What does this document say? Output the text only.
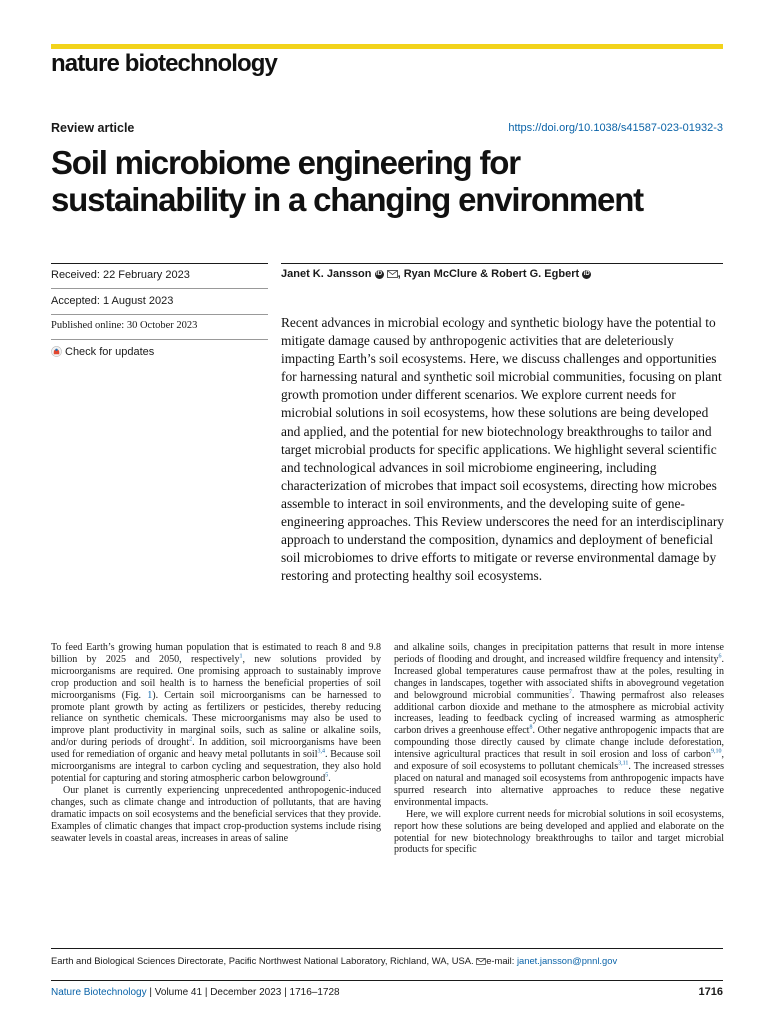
nature biotechnology
Review article	https://doi.org/10.1038/s41587-023-01932-3
Soil microbiome engineering for
sustainability in a changing environment
Received: 22 February 2023
Accepted: 1 August 2023
Published online: 30 October 2023
Check for updates
Janet K. Jansson iD , Ryan McClure & Robert G. Egbert iD
Recent advances in microbial ecology and synthetic biology have the potential to mitigate damage caused by anthropogenic activities that are deleteriously impacting Earth’s soil ecosystems. Here, we discuss challenges and opportunities for harnessing natural and synthetic soil microbial communities, focusing on plant growth promotion under different scenarios. We explore current needs for microbial solutions in soil ecosystems, how these solutions are being developed and applied, and the potential for new biotechnology breakthroughs to tailor and target microbial products for specific applications. We highlight several scientific and technological advances in soil microbiome engineering, including characterization of microbes that impact soil ecosystems, directing how microbes assemble to interact in soil environments, and the developing suite of gene-engineering approaches. This Review underscores the need for an interdisciplinary approach to understand the composition, dynamics and deployment of beneficial soil microbiomes to drive efforts to mitigate or reverse environmental damage by restoring and protecting healthy soil ecosystems.

To feed Earth’s growing human population that is estimated to reach 8 and 9.8 billion by 2025 and 2050, respectively$^1$, new solutions provided by microorganisms are required. One promising approach to sustainably improve crop production and soil health is to harness the beneficial properties of soil microorganisms (Fig. 1). Certain soil microorganisms can be harnessed to promote plant growth by acting as fertilizers or pesticides, thereby reducing reliance on synthetic chemicals. These microorganisms may also be used to improve plant productivity in marginal soils, such as saline or alkaline soils, and/or during periods of drought$^2$. In addition, soil microorganisms have been used for remediation of organic and heavy metal pollutants in soil$^{3,4}$. Because soil microorganisms are integral to carbon cycling and sequestration, they also hold potential for capturing and storing atmospheric carbon belowground$^5$.

Our planet is currently experiencing unprecedented anthropogenic-induced changes, such as climate change and introduction of pollutants, that are having dramatic impacts on soil ecosystems and the beneficial services that they provide. Examples of climatic changes that impact crop-production systems include rising seawater levels in coastal areas, increases in areas of saline

and alkaline soils, changes in precipitation patterns that result in more intense periods of flooding and drought, and increased wildfire frequency and intensity$^6$. Increased global temperatures cause permafrost thaw at the poles, resulting in changes in landscapes, together with associated shifts in aboveground vegetation and belowground microbial communities$^7$. Thawing permafrost also releases additional carbon dioxide and methane to the atmosphere as microbial activity increases, leading to feedback cycling of increased warming as atmospheric carbon drives a greenhouse effect$^8$. Other negative anthropogenic impacts that are compounding those directly caused by climate change include deforestation, intensive agricultural practices that result in soil erosion and loss of carbon$^{9,10}$, and exposure of soil ecosystems to pollutant chemicals$^{3,11}$. The increased stresses placed on natural and managed soil ecosystems from anthropogenic impacts have spurred research into alternative approaches to reduce these negative environmental impacts.

Here, we will explore current needs for microbial solutions in soil ecosystems, report how these solutions are being developed and applied and elaborate on the potential for new biotechnology breakthroughs to tailor and target microbial products for specific

Earth and Biological Sciences Directorate, Pacific Northwest National Laboratory, Richland, WA, USA. e-mail: janet.jansson@pnnl.gov
Nature Biotechnology | Volume 41 | December 2023 | 1716–1728	1716
